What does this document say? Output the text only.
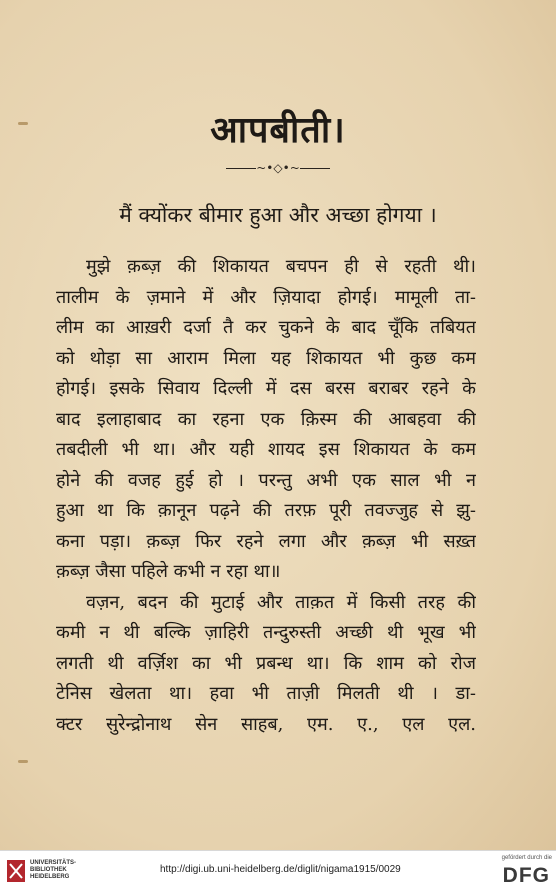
आपबीती।
~•◇•~
मैं क्योंकर बीमार हुआ और अच्छा होगया ।
मुझे क़ब्ज़ की शिकायत बचपन ही से रहती थी।
तालीम के ज़माने में और ज़ियादा होगई। मामूली ता-
लीम का आख़री दर्जा तै कर चुकने के बाद चूँकि तबियत
को थोड़ा सा आराम मिला यह शिकायत भी कुछ कम
होगई। इसके सिवाय दिल्ली में दस बरस बराबर रहने के
बाद इलाहाबाद का रहना एक क़िस्म की आबहवा की
तबदीली भी था। और यही शायद इस शिकायत के कम
होने की वजह हुई हो । परन्तु अभी एक साल भी न
हुआ था कि क़ानून पढ़ने की तरफ़ पूरी तवज्जुह से झु-
कना पड़ा। क़ब्ज़ फिर रहने लगा और क़ब्ज़ भी सख़्त
क़ब्ज़ जैसा पहिले कभी न रहा था॥
वज़न, बदन की मुटाई और ताक़त में किसी तरह की
कमी न थी बल्कि ज़ाहिरी तन्दुरुस्ती अच्छी थी भूख भी
लगती थी वर्ज़िश का भी प्रबन्ध था। कि शाम को रोज
टेनिस खेलता था। हवा भी ताज़ी मिलती थी । डा-
क्टर सुरेन्द्रोनाथ सेन साहब, एम. ए., एल एल.
UNIVERSITÄTS-
BIBLIOTHEK
HEIDELBERG
http://digi.ub.uni-heidelberg.de/diglit/nigama1915/0029
gefördert durch die
DFG
